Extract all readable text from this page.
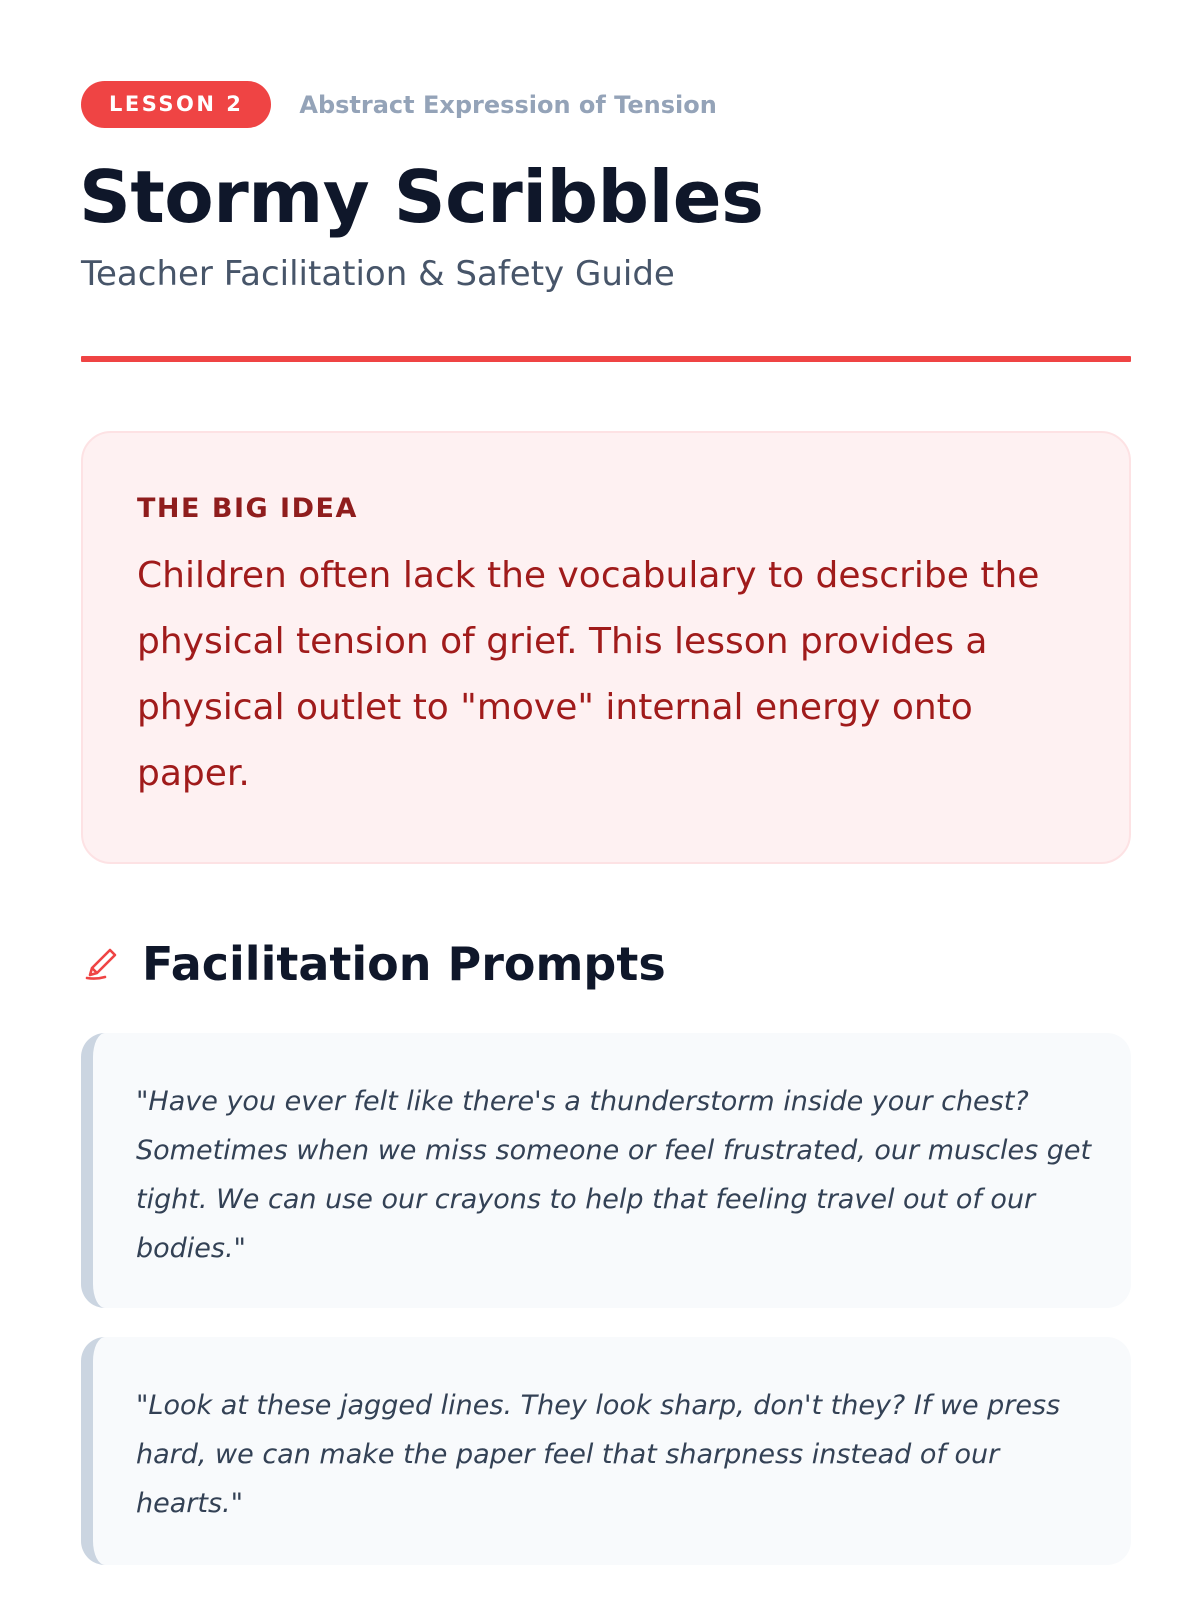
LESSON 2	Abstract Expression of Tension
Stormy Scribbles
Teacher Facilitation & Safety Guide
THE BIG IDEA
Children often lack the vocabulary to describe the physical tension of grief. This lesson provides a physical outlet to "move" internal energy onto paper.
Facilitation Prompts

"Have you ever felt like there's a thunderstorm inside your chest? Sometimes when we miss someone or feel frustrated, our muscles get tight. We can use our crayons to help that feeling travel out of our bodies."

"Look at these jagged lines. They look sharp, don't they? If we press hard, we can make the paper feel that sharpness instead of our hearts."
